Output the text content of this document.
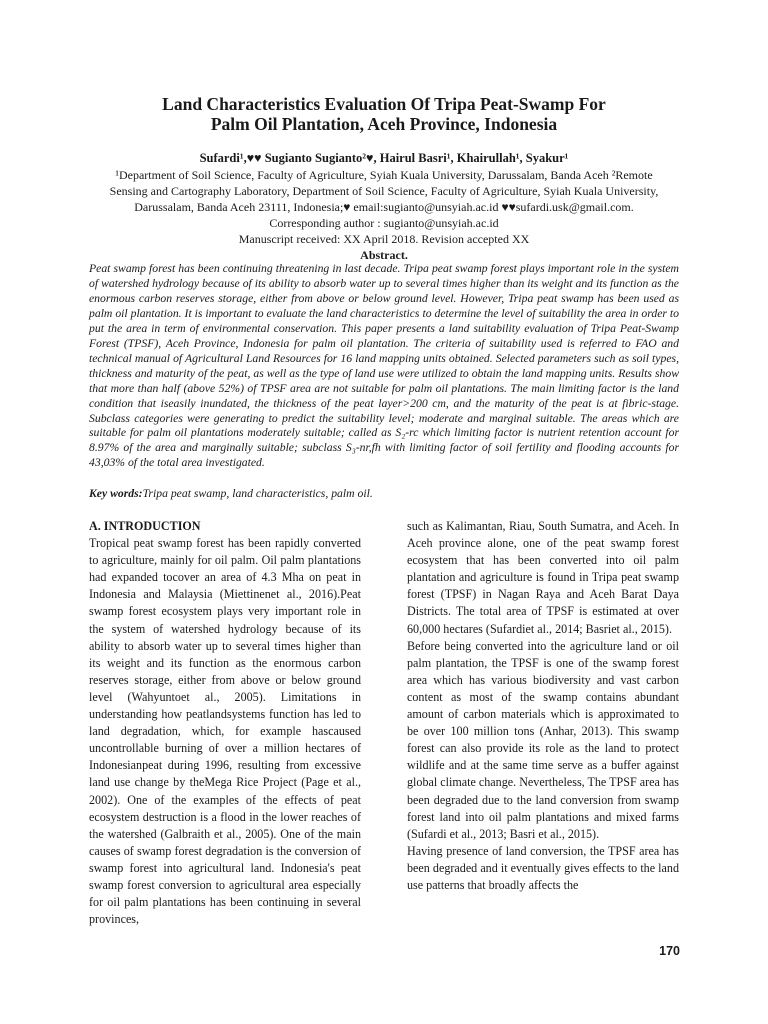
Land Characteristics Evaluation Of Tripa Peat-Swamp For
Palm Oil Plantation, Aceh Province, Indonesia
Sufardi¹,♥♥ Sugianto Sugianto²♥, Hairul Basri¹, Khairullah¹, Syakur¹
¹Department of Soil Science, Faculty of Agriculture, Syiah Kuala University, Darussalam, Banda Aceh ²Remote
Sensing and Cartography Laboratory, Department of Soil Science, Faculty of Agriculture, Syiah Kuala University,
Darussalam, Banda Aceh 23111, Indonesia;♥ email:sugianto@unsyiah.ac.id ♥♥sufardi.usk@gmail.com.
Corresponding author : sugianto@unsyiah.ac.id
Manuscript received: XX April 2018. Revision accepted XX
Abstract.

Peat swamp forest has been continuing threatening in last decade. Tripa peat swamp forest plays important role in the system of watershed hydrology because of its ability to absorb water up to several times higher than its weight and its function as the enormous carbon reserves storage, either from above or below ground level. However, Tripa peat swamp has been used as palm oil plantation. It is important to evaluate the land characteristics to determine the level of suitability the area in order to put the area in term of environmental conservation. This paper presents a land suitability evaluation of Tripa Peat-Swamp Forest (TPSF), Aceh Province, Indonesia for palm oil plantation. The criteria of suitability used is referred to FAO and technical manual of Agricultural Land Resources for 16 land mapping units obtained. Selected parameters such as soil types, thickness and maturity of the peat, as well as the type of land use were utilized to obtain the land mapping units. Results show that more than half (above 52%) of TPSF area are not suitable for palm oil plantations. The main limiting factor is the land condition that iseasily inundated, the thickness of the peat layer>200 cm, and the maturity of the peat is at fibric-stage. Subclass categories were generating to predict the suitability level; moderate and marginal suitable. The areas which are suitable for palm oil plantations moderately suitable; called as S₂-rc which limiting factor is nutrient retention account for 8.97% of the area and marginally suitable; subclass S₃-nr,fh with limiting factor of soil fertility and flooding accounts for 43,03% of the total area investigated.

Key words:Tripa peat swamp, land characteristics, palm oil.

A. INTRODUCTION

Tropical peat swamp forest has been rapidly converted to agriculture, mainly for oil palm. Oil palm plantations had expanded tocover an area of 4.3 Mha on peat in Indonesia and Malaysia (Miettinenet al., 2016).Peat swamp forest ecosystem plays very important role in the system of watershed hydrology because of its ability to absorb water up to several times higher than its weight and its function as the enormous carbon reserves storage, either from above or below ground level (Wahyuntoet al., 2005). Limitations in understanding how peatlandsystems function has led to land degradation, which, for example hascaused uncontrollable burning of over a million hectares of Indonesianpeat during 1996, resulting from excessive land use change by theMega Rice Project (Page et al., 2002). One of the examples of the effects of peat ecosystem destruction is a flood in the lower reaches of the watershed (Galbraith et al., 2005). One of the main causes of swamp forest degradation is the conversion of swamp forest into agricultural land. Indonesia's peat swamp forest conversion to agricultural area especially for oil palm plantations has been continuing in several provinces,

such as Kalimantan, Riau, South Sumatra, and Aceh. In Aceh province alone, one of the peat swamp forest ecosystem that has been converted into oil palm plantation and agriculture is found in Tripa peat swamp forest (TPSF) in Nagan Raya and Aceh Barat Daya Districts. The total area of TPSF is estimated at over 60,000 hectares (Sufardiet al., 2014; Basriet al., 2015).

Before being converted into the agriculture land or oil palm plantation, the TPSF is one of the swamp forest area which has various biodiversity and vast carbon content as most of the swamp contains abundant amount of carbon materials which is approximated to be over 100 million tons (Anhar, 2013). This swamp forest can also provide its role as the land to protect wildlife and at the same time serve as a buffer against global climate change. Nevertheless, The TPSF area has been degraded due to the land conversion from swamp forest land into oil palm plantations and mixed farms (Sufardi et al., 2013; Basri et al., 2015).

Having presence of land conversion, the TPSF area has been degraded and it eventually gives effects to the land use patterns that broadly affects the

170
